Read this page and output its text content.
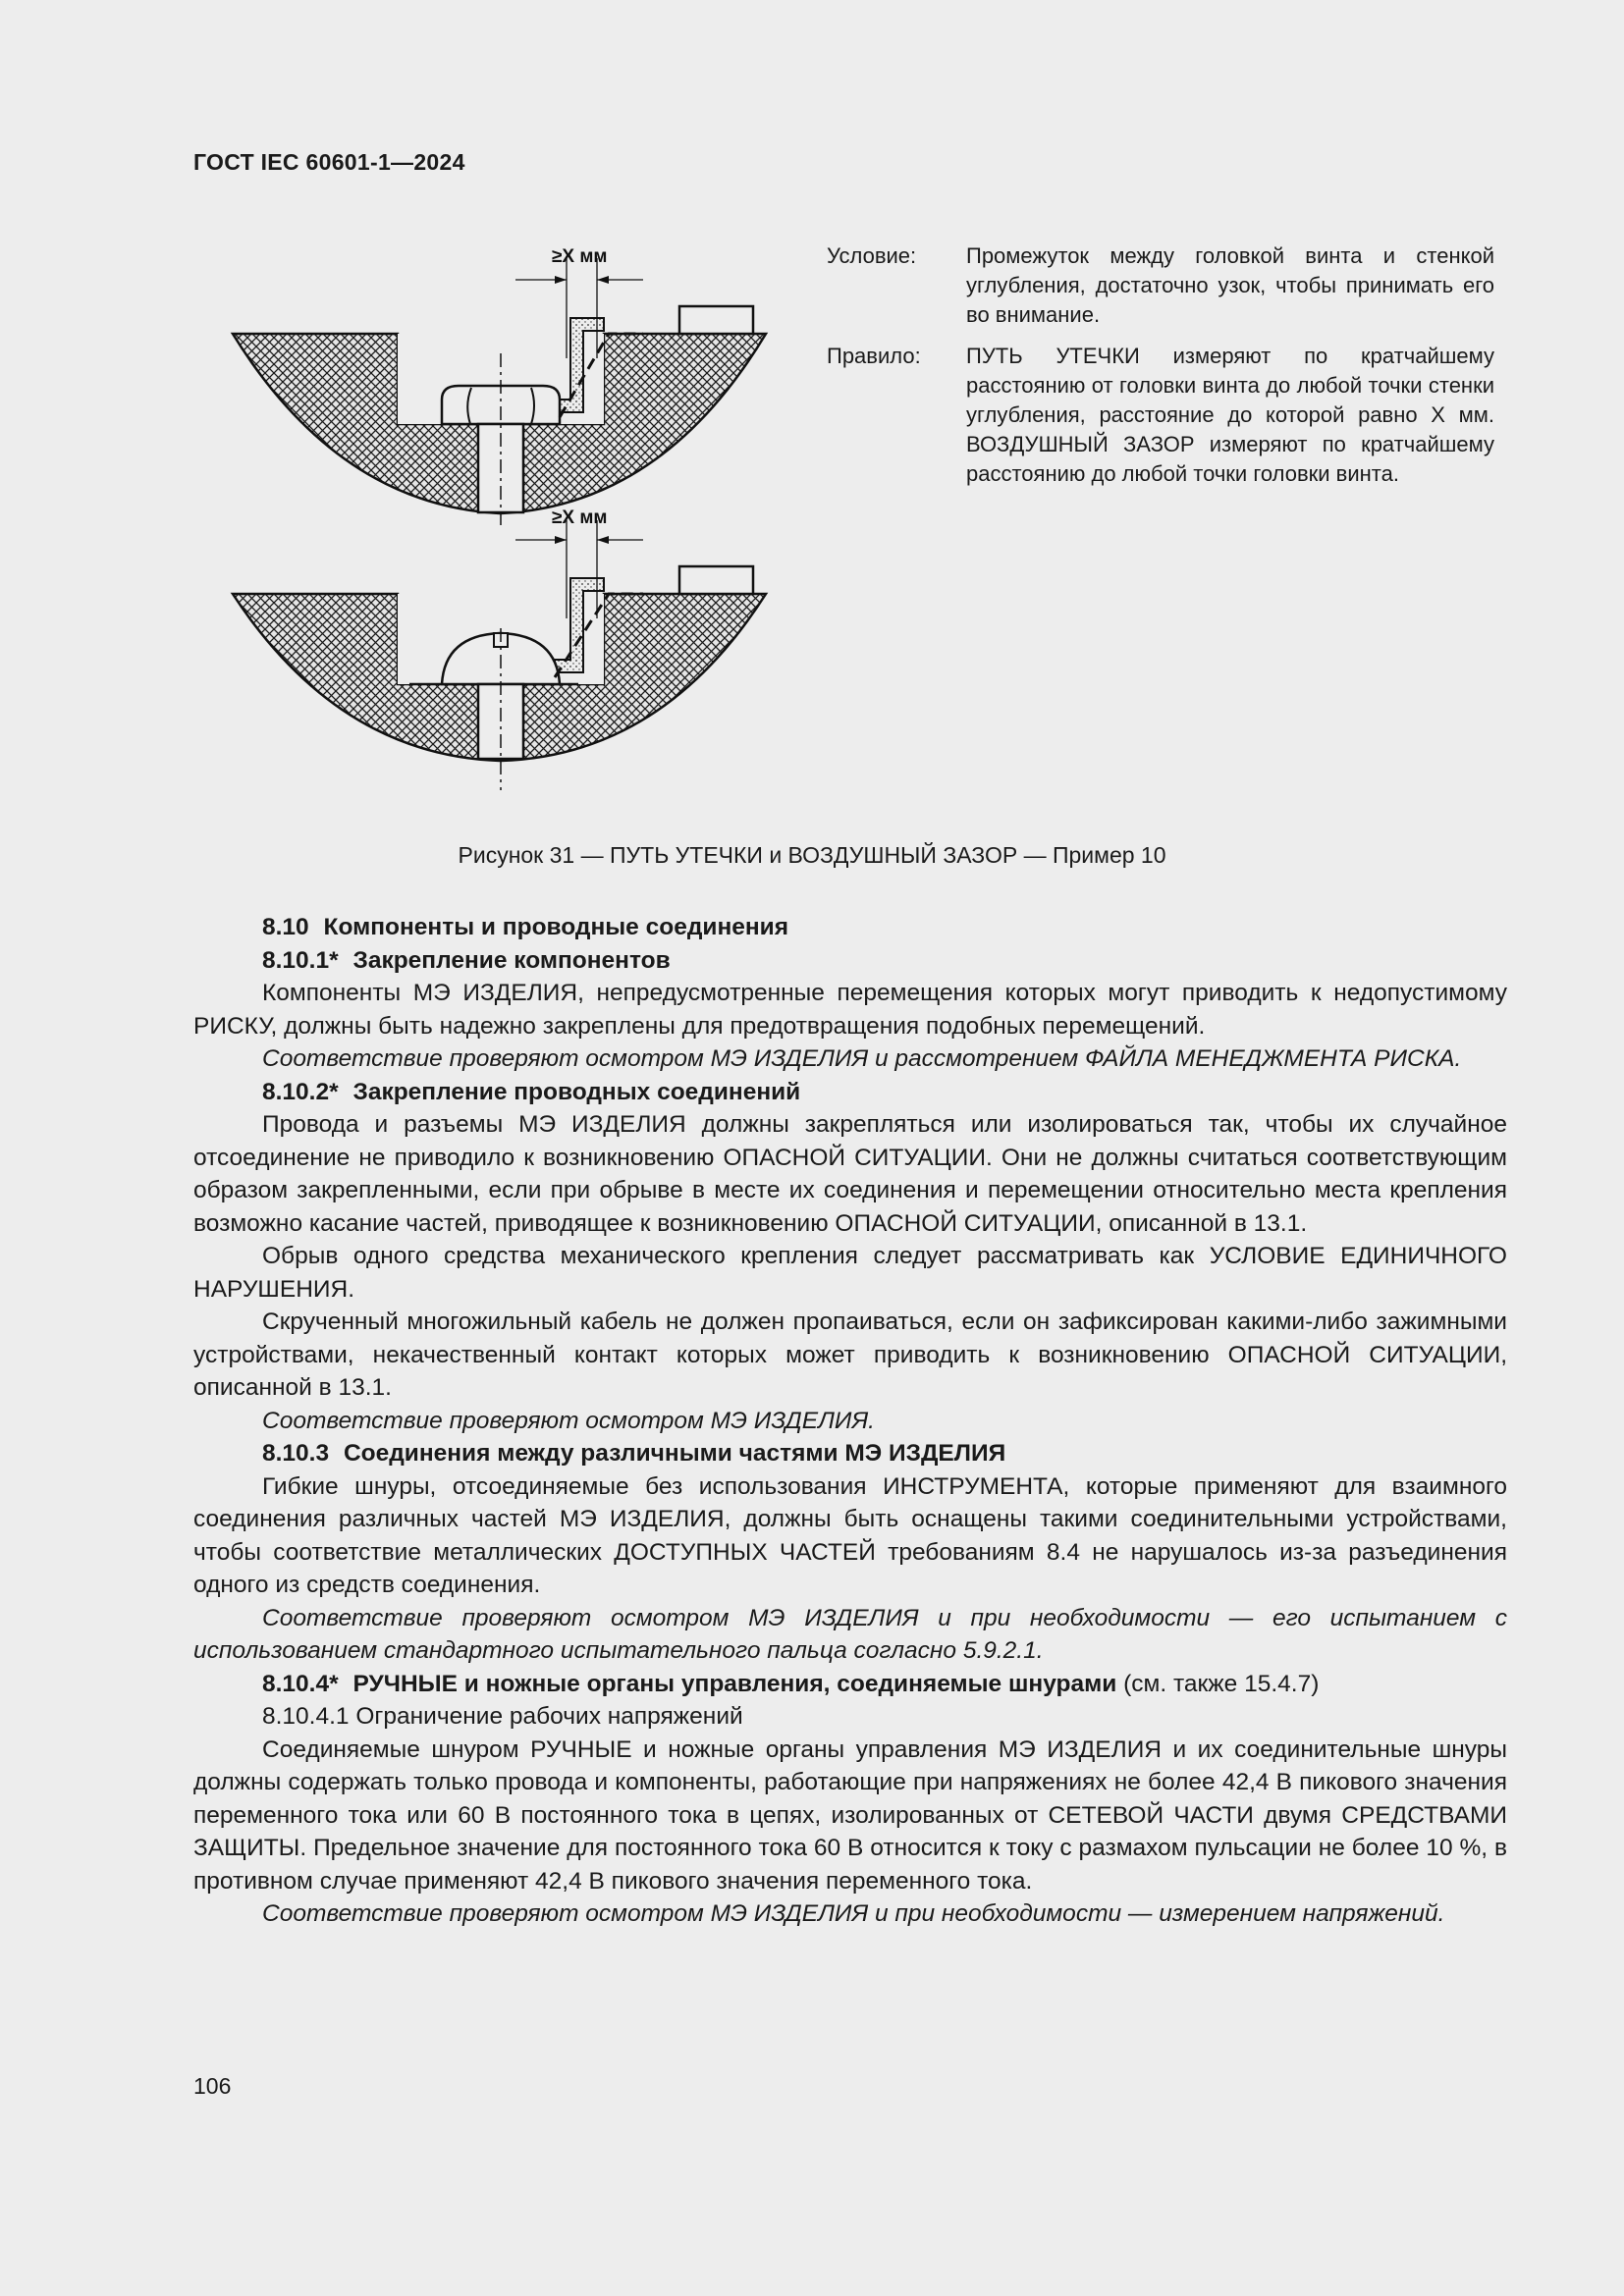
ГОСТ IEC 60601-1—2024
≥X мм
≥X мм
Условие:	Промежуток между головкой винта и стенкой углубления, достаточно узок, чтобы принимать его во внимание.
Правило:	ПУТЬ УТЕЧКИ измеряют по кратчайшему расстоянию от головки винта до любой точки стенки углубления, расстояние до которой равно X мм. ВОЗДУШНЫЙ ЗАЗОР измеряют по кратчайшему расстоянию до любой точки головки винта.
Рисунок 31 — ПУТЬ УТЕЧКИ и ВОЗДУШНЫЙ ЗАЗОР — Пример 10

8.10 Компоненты и проводные соединения

8.10.1* Закрепление компонентов

Компоненты МЭ ИЗДЕЛИЯ, непредусмотренные перемещения которых могут приводить к недопустимому РИСКУ, должны быть надежно закреплены для предотвращения подобных перемещений.

Соответствие проверяют осмотром МЭ ИЗДЕЛИЯ и рассмотрением ФАЙЛА МЕНЕДЖМЕНТА РИСКА.

8.10.2* Закрепление проводных соединений

Провода и разъемы МЭ ИЗДЕЛИЯ должны закрепляться или изолироваться так, чтобы их случайное отсоединение не приводило к возникновению ОПАСНОЙ СИТУАЦИИ. Они не должны считаться соответствующим образом закрепленными, если при обрыве в месте их соединения и перемещении относительно места крепления возможно касание частей, приводящее к возникновению ОПАСНОЙ СИТУАЦИИ, описанной в 13.1.

Обрыв одного средства механического крепления следует рассматривать как УСЛОВИЕ ЕДИНИЧНОГО НАРУШЕНИЯ.

Скрученный многожильный кабель не должен пропаиваться, если он зафиксирован какими-либо зажимными устройствами, некачественный контакт которых может приводить к возникновению ОПАСНОЙ СИТУАЦИИ, описанной в 13.1.

Соответствие проверяют осмотром МЭ ИЗДЕЛИЯ.

8.10.3 Соединения между различными частями МЭ ИЗДЕЛИЯ

Гибкие шнуры, отсоединяемые без использования ИНСТРУМЕНТА, которые применяют для взаимного соединения различных частей МЭ ИЗДЕЛИЯ, должны быть оснащены такими соединительными устройствами, чтобы соответствие металлических ДОСТУПНЫХ ЧАСТЕЙ требованиям 8.4 не нарушалось из-за разъединения одного из средств соединения.

Соответствие проверяют осмотром МЭ ИЗДЕЛИЯ и при необходимости — его испытанием с использованием стандартного испытательного пальца согласно 5.9.2.1.

8.10.4* РУЧНЫЕ и ножные органы управления, соединяемые шнурами (см. также 15.4.7)

8.10.4.1 Ограничение рабочих напряжений

Соединяемые шнуром РУЧНЫЕ и ножные органы управления МЭ ИЗДЕЛИЯ и их соединительные шнуры должны содержать только провода и компоненты, работающие при напряжениях не более 42,4 В пикового значения переменного тока или 60 В постоянного тока в цепях, изолированных от СЕТЕВОЙ ЧАСТИ двумя СРЕДСТВАМИ ЗАЩИТЫ. Предельное значение для постоянного тока 60 В относится к току с размахом пульсации не более 10 %, в противном случае применяют 42,4 В пикового значения переменного тока.

Соответствие проверяют осмотром МЭ ИЗДЕЛИЯ и при необходимости — измерением напряжений.

106
